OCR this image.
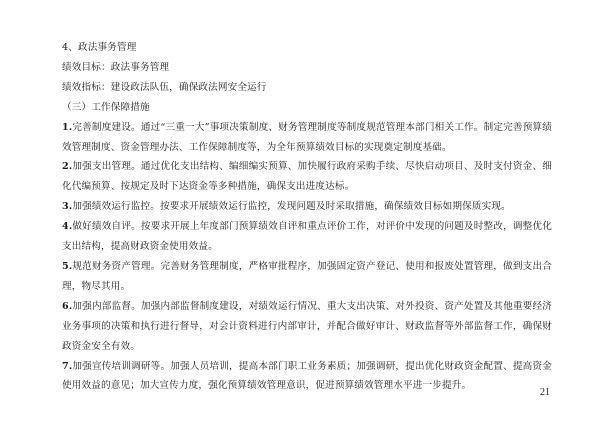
4、政法事务管理

绩效目标：政法事务管理

绩效指标：建设政法队伍，确保政法网安全运行

（三）工作保障措施

1.完善制度建设。通过“三重一大”事项决策制度、财务管理制度等制度规范管理本部门相关工作。制定完善预算绩效管理制度、资金管理办法、工作保障制度等，为全年预算绩效目标的实现奠定制度基础。

2.加强支出管理。通过优化支出结构、编细编实预算、加快履行政府采购手续、尽快启动项目、及时支付资金、细化代编预算、按规定及时下达资金等多种措施，确保支出进度达标。

3.加强绩效运行监控。按要求开展绩效运行监控，发现问题及时采取措施，确保绩效目标如期保质实现。

4.做好绩效自评。按要求开展上年度部门预算绩效自评和重点评价工作，对评价中发现的问题及时整改，调整优化支出结构，提高财政资金使用效益。

5.规范财务资产管理。完善财务管理制度，严格审批程序，加强固定资产登记、使用和报废处置管理，做到支出合理，物尽其用。

6.加强内部监督。加强内部监督制度建设，对绩效运行情况、重大支出决策、对外投资、资产处置及其他重要经济业务事项的决策和执行进行督导，对会计资料进行内部审计，并配合做好审计、财政监督等外部监督工作，确保财政资金安全有效。

7.加强宣传培训调研等。加强人员培训，提高本部门职工业务素质；加强调研，提出优化财政资金配置、提高资金使用效益的意见；加大宣传力度，强化预算绩效管理意识，促进预算绩效管理水平进一步提升。

21
